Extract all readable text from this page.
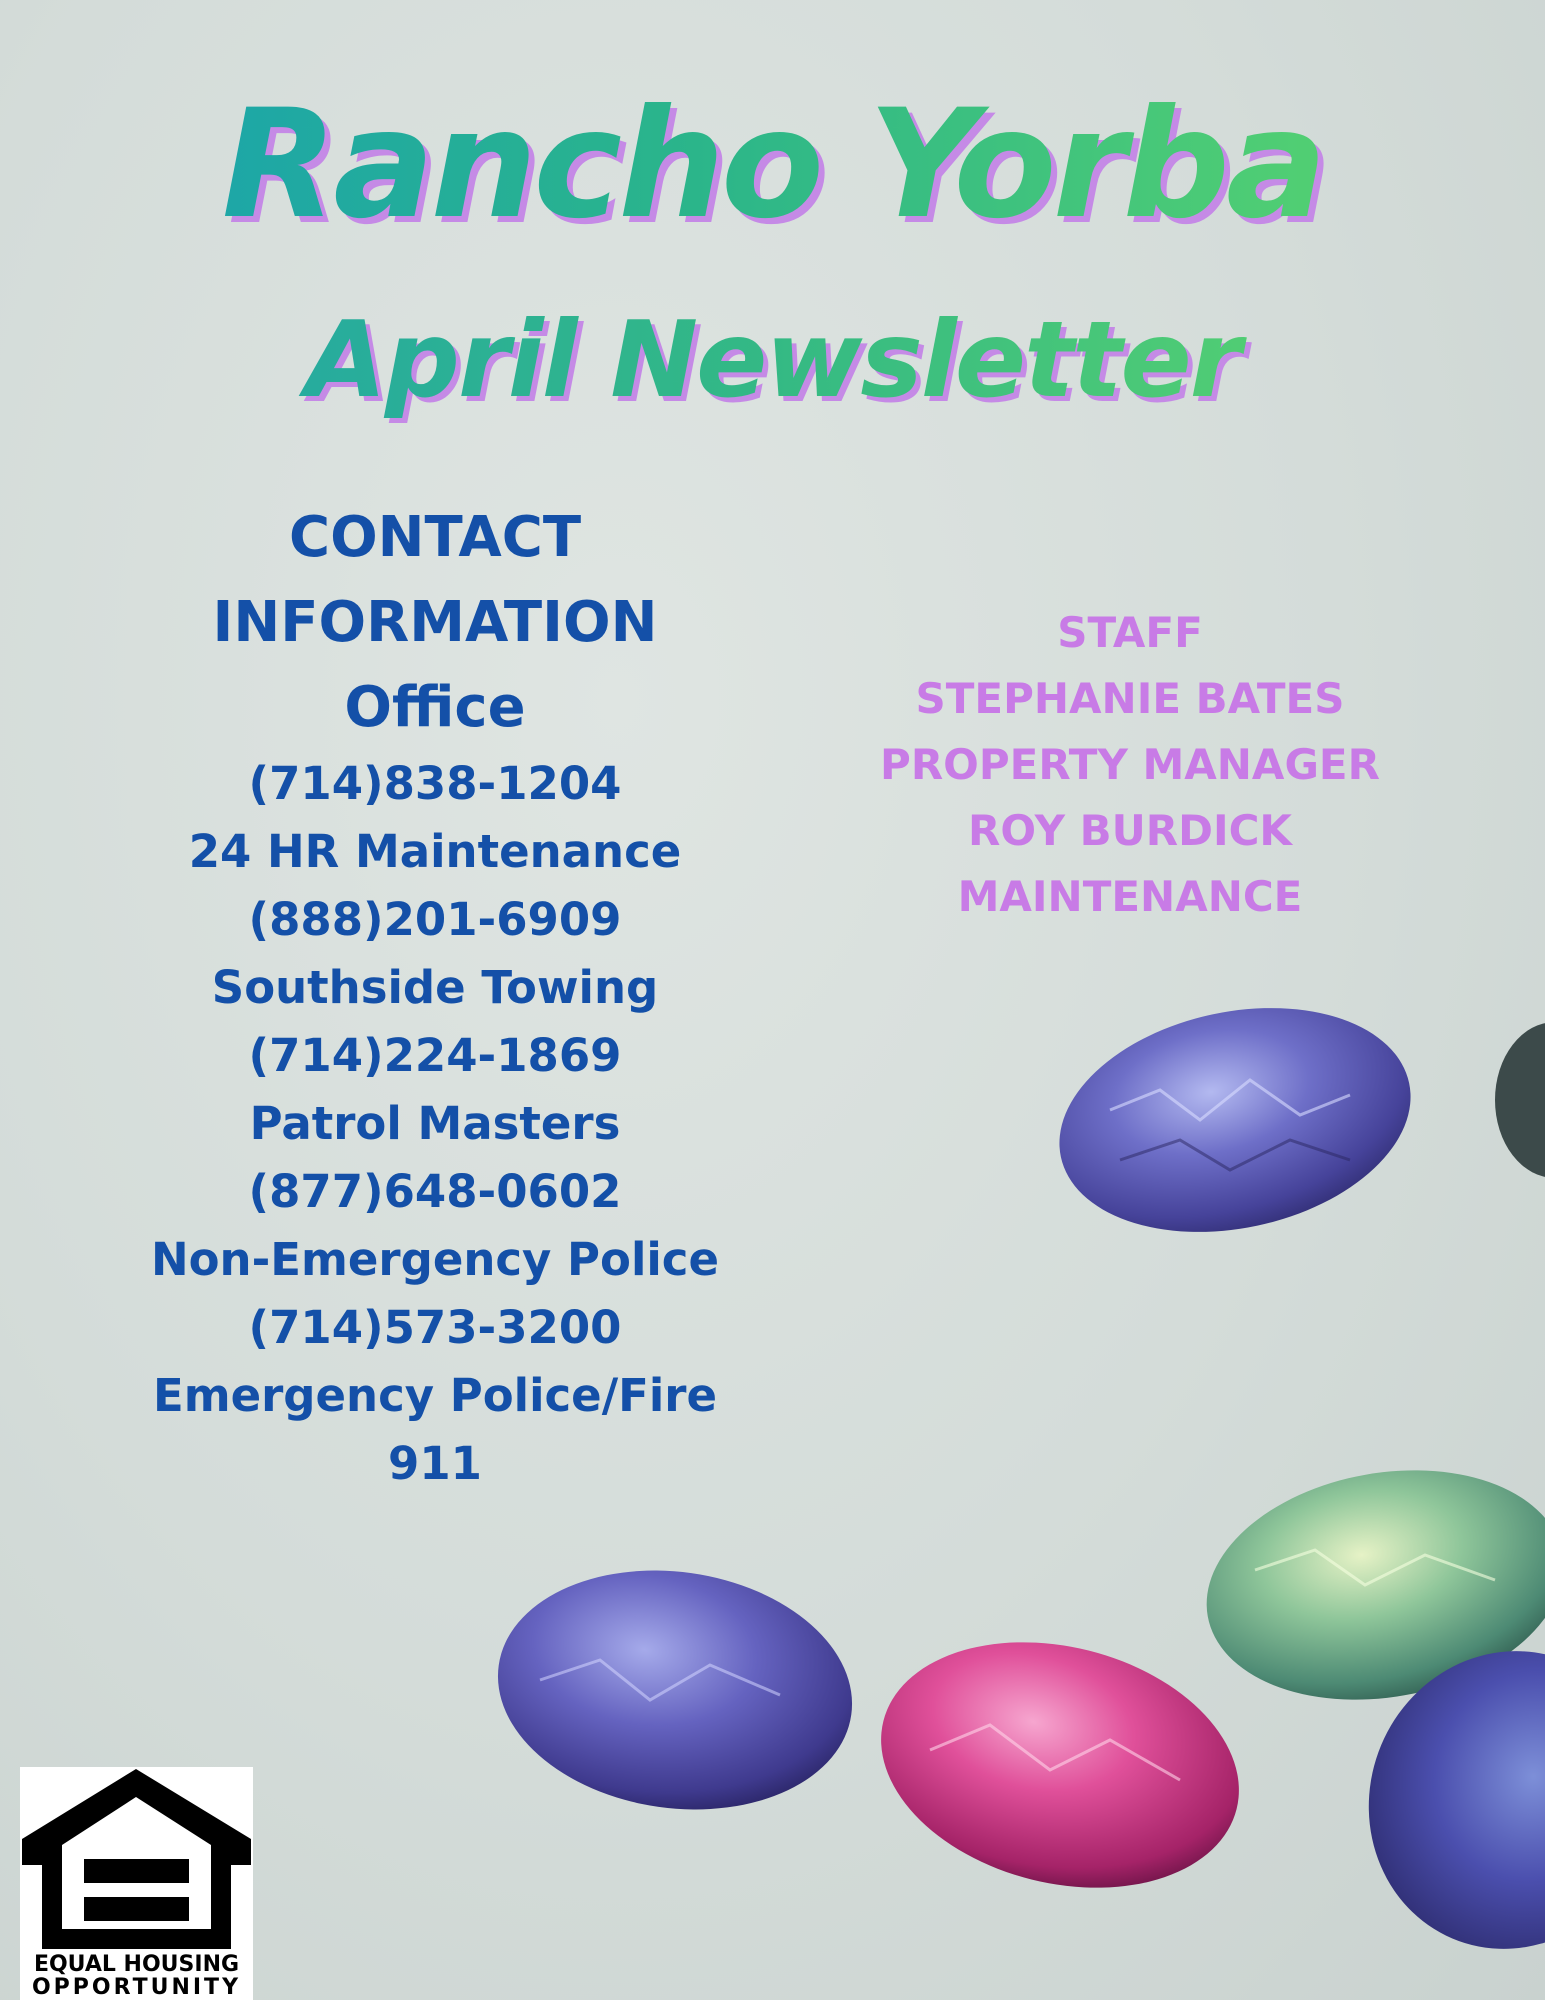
Rancho Yorba
April Newsletter
CONTACT
INFORMATION
Office
(714)838-1204
24 HR Maintenance
(888)201-6909
Southside Towing
(714)224-1869
Patrol Masters
(877)648-0602
Non-Emergency Police
(714)573-3200
Emergency Police/Fire
911
STAFF
STEPHANIE BATES
PROPERTY MANAGER
ROY BURDICK
MAINTENANCE
EQUAL HOUSING
OPPORTUNITY
